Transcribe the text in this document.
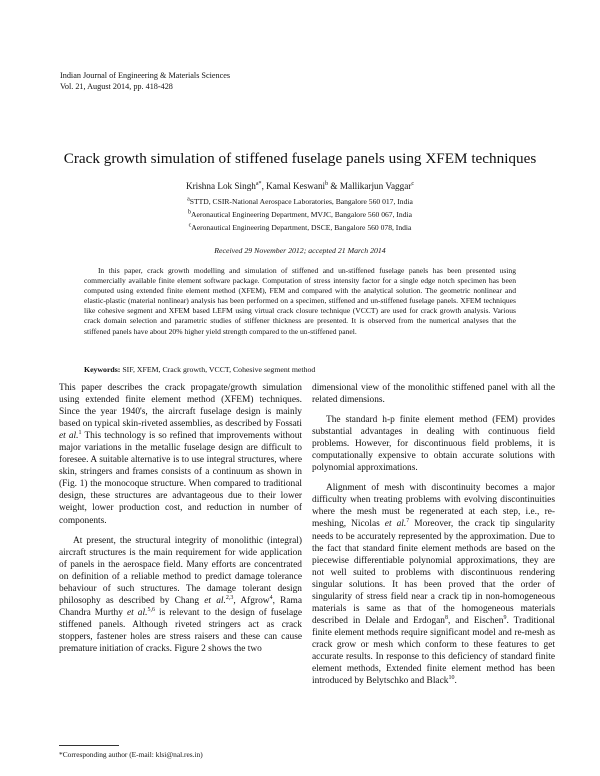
Indian Journal of Engineering & Materials Sciences
Vol. 21, August 2014, pp. 418-428
Crack growth simulation of stiffened fuselage panels using XFEM techniques
Krishna Lok Singh$^{a*}$, Kamal Keswani$^b$ & Mallikarjun Vaggar$^c$
$^a$STTD, CSIR-National Aerospace Laboratories, Bangalore 560 017, India
$^b$Aeronautical Engineering Department, MVJC, Bangalore 560 067, India
$^c$Aeronautical Engineering Department, DSCE, Bangalore 560 078, India
Received 29 November 2012; accepted 21 March 2014
In this paper, crack growth modelling and simulation of stiffened and un-stiffened fuselage panels has been presented using commercially available finite element software package. Computation of stress intensity factor for a single edge notch specimen has been computed using extended finite element method (XFEM), FEM and compared with the analytical solution. The geometric nonlinear and elastic-plastic (material nonlinear) analysis has been performed on a specimen, stiffened and un-stiffened fuselage panels. XFEM techniques like cohesive segment and XFEM based LEFM using virtual crack closure technique (VCCT) are used for crack growth analysis. Various crack domain selection and parametric studies of stiffener thickness are presented. It is observed from the numerical analyses that the stiffened panels have about 20% higher yield strength compared to the un-stiffened panel.
Keywords: SIF, XFEM, Crack growth, VCCT, Cohesive segment method

This paper describes the crack propagate/growth simulation using extended finite element method (XFEM) techniques. Since the year 1940's, the aircraft fuselage design is mainly based on typical skin-riveted assemblies, as described by Fossati et al.$^1$ This technology is so refined that improvements without major variations in the metallic fuselage design are difficult to foresee. A suitable alternative is to use integral structures, where skin, stringers and frames consists of a continuum as shown in (Fig. 1) the monocoque structure. When compared to traditional design, these structures are advantageous due to their lower weight, lower production cost, and reduction in number of components.

At present, the structural integrity of monolithic (integral) aircraft structures is the main requirement for wide application of panels in the aerospace field. Many efforts are concentrated on definition of a reliable method to predict damage tolerance behaviour of such structures. The damage tolerant design philosophy as described by Chang et al.$^{2,3}$, Afgrow$^4$, Rama Chandra Murthy et al.$^{5,6}$ is relevant to the design of fuselage stiffened panels. Although riveted stringers act as crack stoppers, fastener holes are stress raisers and these can cause premature initiation of cracks. Figure 2 shows the two

dimensional view of the monolithic stiffened panel with all the related dimensions.

The standard h-p finite element method (FEM) provides substantial advantages in dealing with continuous field problems. However, for discontinuous field problems, it is computationally expensive to obtain accurate solutions with polynomial approximations.

Alignment of mesh with discontinuity becomes a major difficulty when treating problems with evolving discontinuities where the mesh must be regenerated at each step, i.e., re-meshing, Nicolas et al.$^7$ Moreover, the crack tip singularity needs to be accurately represented by the approximation. Due to the fact that standard finite element methods are based on the piecewise differentiable polynomial approximations, they are not well suited to problems with discontinuous rendering singular solutions. It has been proved that the order of singularity of stress field near a crack tip in non-homogeneous materials is same as that of the homogeneous materials described in Delale and Erdogan$^8$, and Eischen$^9$. Traditional finite element methods require significant model and re-mesh as crack grow or mesh which conform to these features to get accurate results. In response to this deficiency of standard finite element methods, Extended finite element method has been introduced by Belytschko and Black$^{10}$.

*Corresponding author (E-mail: klsi@nal.res.in)
